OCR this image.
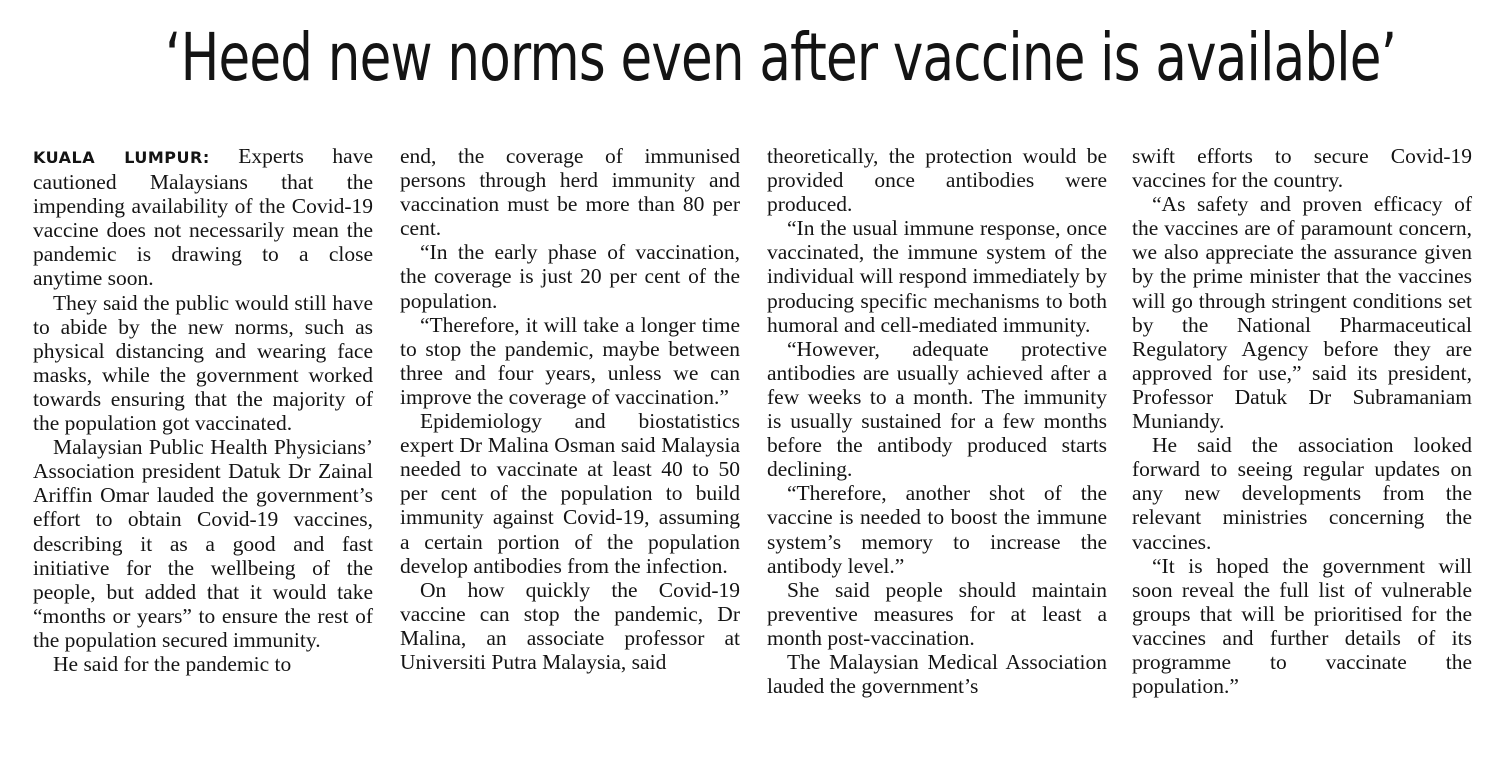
‘Heed new norms even after vaccine is available’

KUALA LUMPUR: Experts have cautioned Malaysians that the impending availability of the Covid-19 vaccine does not necessarily mean the pandemic is drawing to a close anytime soon.

They said the public would still have to abide by the new norms, such as physical distancing and wearing face masks, while the government worked towards ensuring that the majority of the population got vaccinated.

Malaysian Public Health Physicians’ Association president Datuk Dr Zainal Ariffin Omar lauded the government’s effort to obtain Covid-19 vaccines, describing it as a good and fast initiative for the wellbeing of the people, but added that it would take “months or years” to ensure the rest of the population secured immunity.

He said for the pandemic to

end, the coverage of immunised persons through herd immunity and vaccination must be more than 80 per cent.

“In the early phase of vaccination, the coverage is just 20 per cent of the population.

“Therefore, it will take a longer time to stop the pandemic, maybe between three and four years, unless we can improve the coverage of vaccination.”

Epidemiology and biostatistics expert Dr Malina Osman said Malaysia needed to vaccinate at least 40 to 50 per cent of the population to build immunity against Covid-19, assuming a certain portion of the population develop antibodies from the infection.

On how quickly the Covid-19 vaccine can stop the pandemic, Dr Malina, an associate professor at Universiti Putra Malaysia, said

theoretically, the protection would be provided once antibodies were produced.

“In the usual immune response, once vaccinated, the immune system of the individual will respond immediately by producing specific mechanisms to both humoral and cell-mediated immunity.

“However, adequate protective antibodies are usually achieved after a few weeks to a month. The immunity is usually sustained for a few months before the antibody produced starts declining.

“Therefore, another shot of the vaccine is needed to boost the immune system’s memory to increase the antibody level.”

She said people should maintain preventive measures for at least a month post-vaccination.

The Malaysian Medical Association lauded the government’s

swift efforts to secure Covid-19 vaccines for the country.

“As safety and proven efficacy of the vaccines are of paramount concern, we also appreciate the assurance given by the prime minister that the vaccines will go through stringent conditions set by the National Pharmaceutical Regulatory Agency before they are approved for use,” said its president, Professor Datuk Dr Subramaniam Muniandy.

He said the association looked forward to seeing regular updates on any new developments from the relevant ministries concerning the vaccines.

“It is hoped the government will soon reveal the full list of vulnerable groups that will be prioritised for the vaccines and further details of its programme to vaccinate the population.”
